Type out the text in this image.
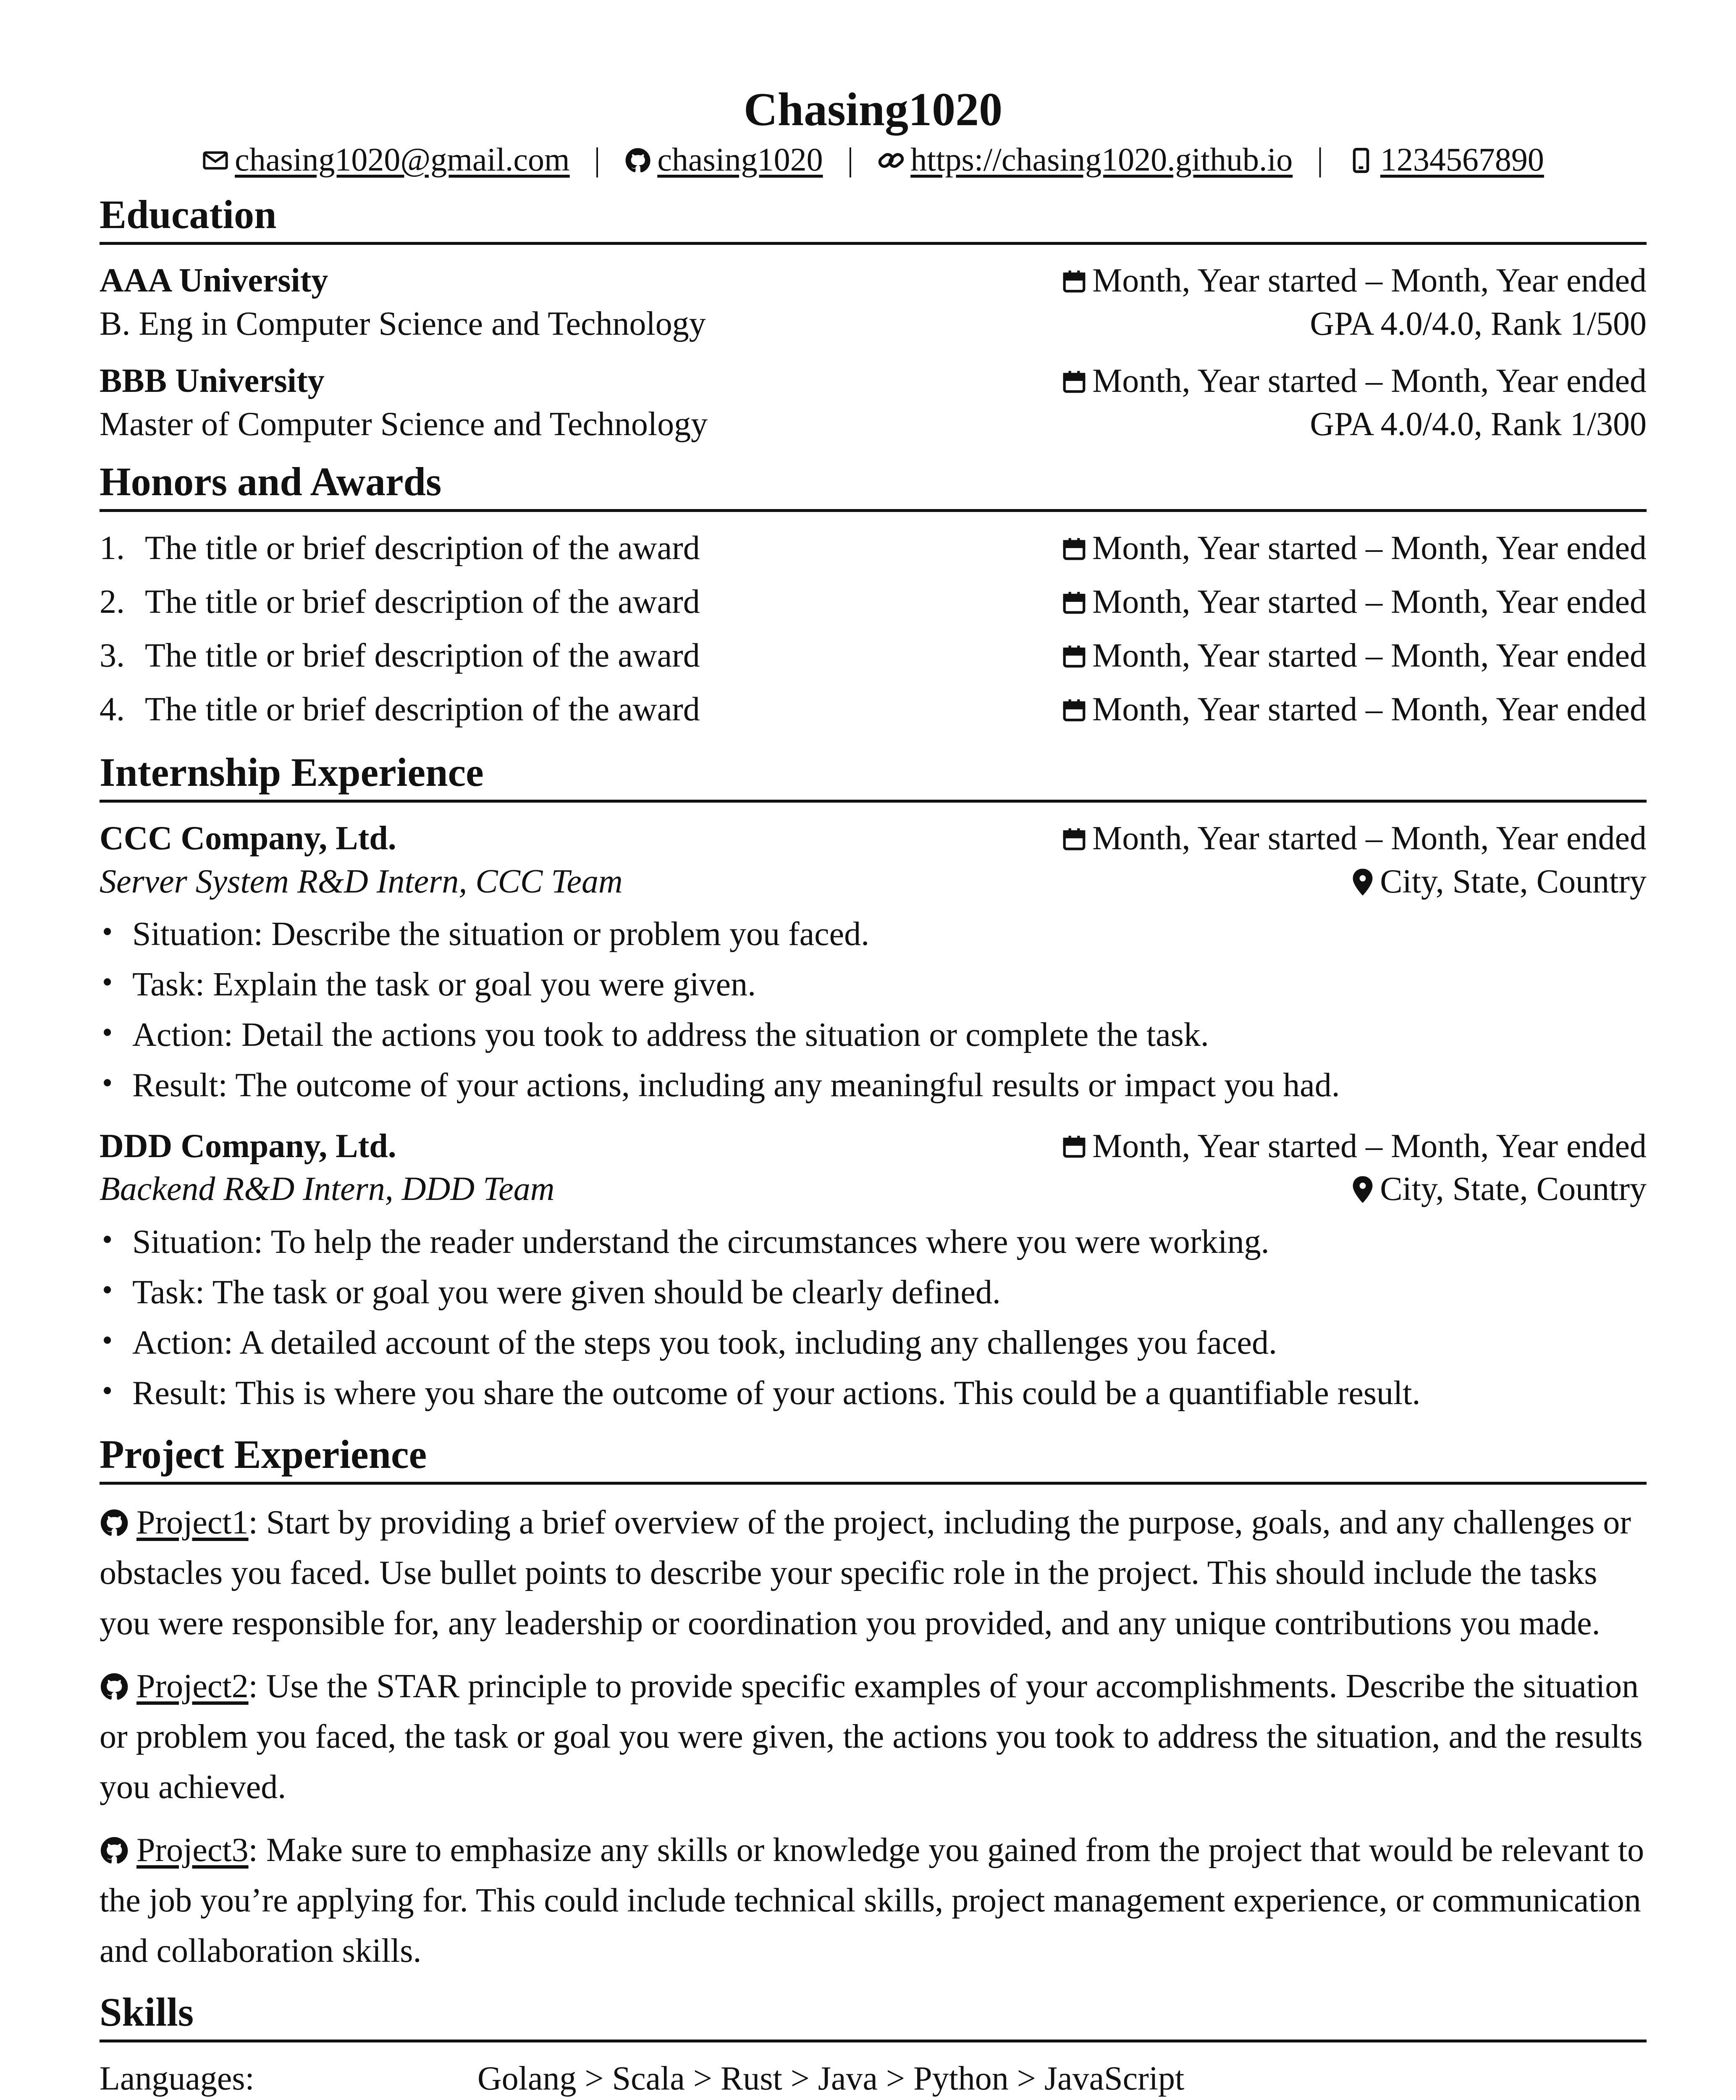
Chasing1020
chasing1020@gmail.com | chasing1020 | https://chasing1020.github.io | 1234567890
Education
AAA University	Month, Year started – Month, Year ended
B. Eng in Computer Science and Technology	GPA 4.0/4.0, Rank 1/500
BBB University	Month, Year started – Month, Year ended
Master of Computer Science and Technology	GPA 4.0/4.0, Rank 1/300
Honors and Awards
1. The title or brief description of the award	Month, Year started – Month, Year ended
2. The title or brief description of the award	Month, Year started – Month, Year ended
3. The title or brief description of the award	Month, Year started – Month, Year ended
4. The title or brief description of the award	Month, Year started – Month, Year ended
Internship Experience
CCC Company, Ltd.	Month, Year started – Month, Year ended
Server System R&D Intern, CCC Team	City, State, Country
• Situation: Describe the situation or problem you faced.
• Task: Explain the task or goal you were given.
• Action: Detail the actions you took to address the situation or complete the task.
• Result: The outcome of your actions, including any meaningful results or impact you had.
DDD Company, Ltd.	Month, Year started – Month, Year ended
Backend R&D Intern, DDD Team	City, State, Country
• Situation: To help the reader understand the circumstances where you were working.
• Task: The task or goal you were given should be clearly defined.
• Action: A detailed account of the steps you took, including any challenges you faced.
• Result: This is where you share the outcome of your actions. This could be a quantifiable result.
Project Experience
Project1: Start by providing a brief overview of the project, including the purpose, goals, and any challenges or obstacles you faced. Use bullet points to describe your specific role in the project. This should include the tasks you were responsible for, any leadership or coordination you provided, and any unique contributions you made.
Project2: Use the STAR principle to provide specific examples of your accomplishments. Describe the situation or problem you faced, the task or goal you were given, the actions you took to address the situation, and the results you achieved.
Project3: Make sure to emphasize any skills or knowledge you gained from the project that would be relevant to the job you’re applying for. This could include technical skills, project management experience, or communication and collaboration skills.
Skills
Languages:	Golang > Scala > Rust > Java > Python > JavaScript
